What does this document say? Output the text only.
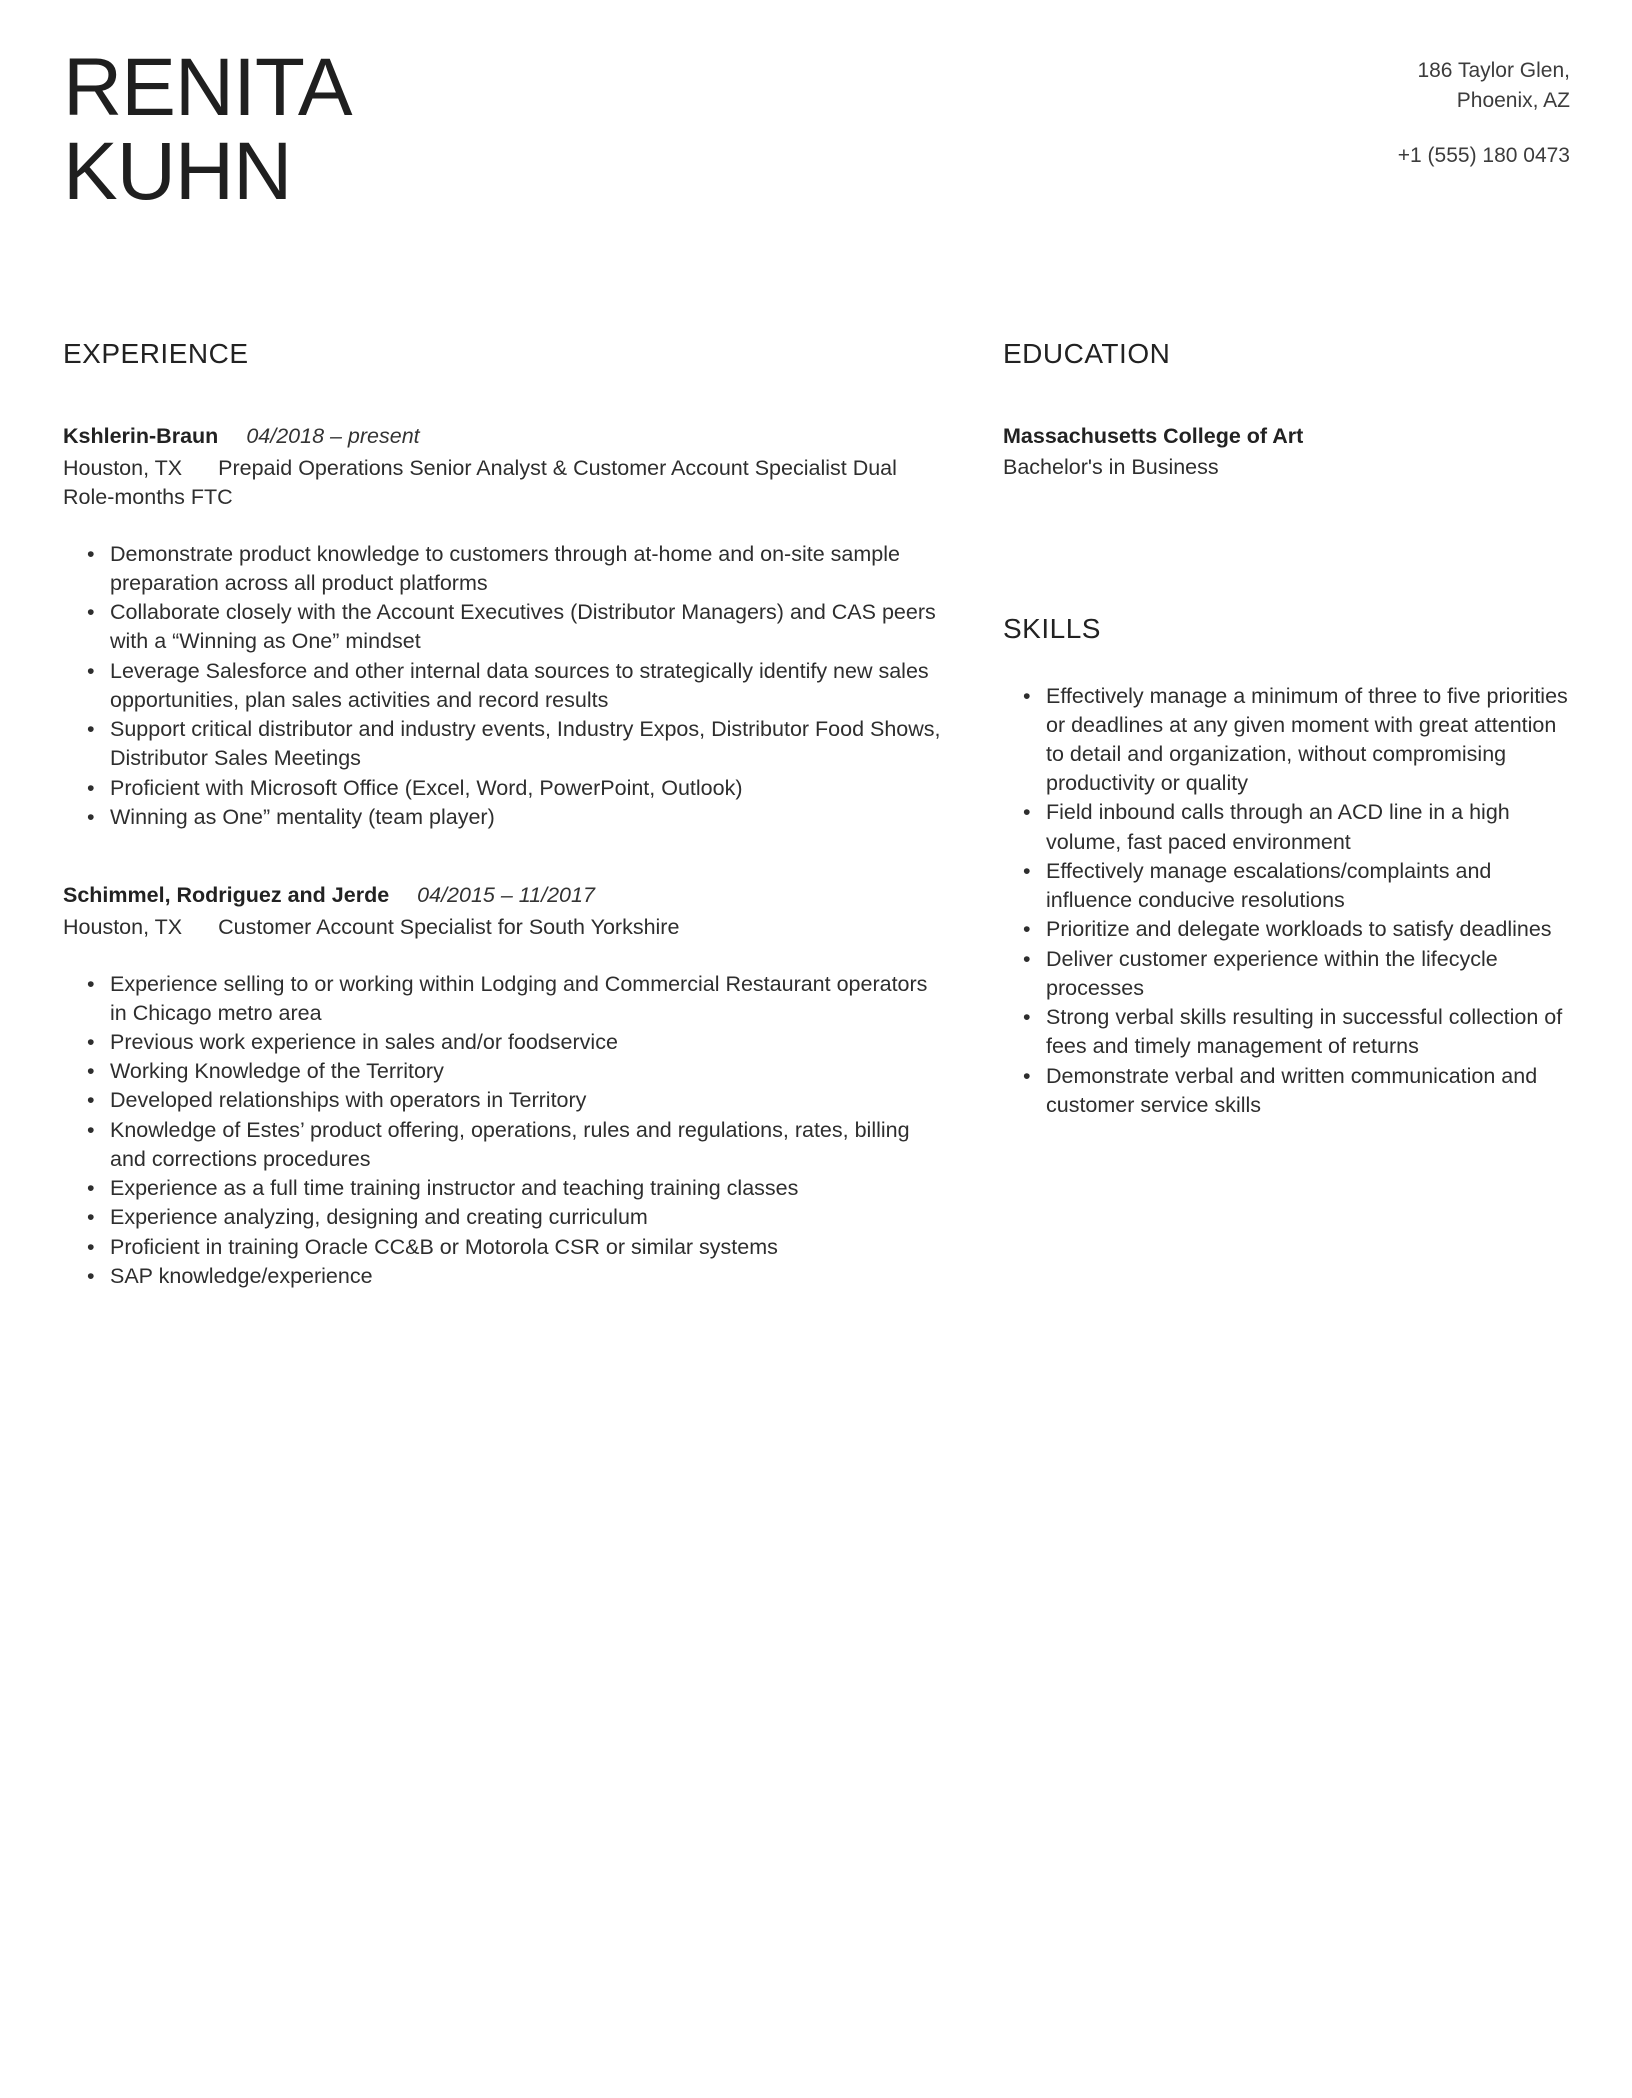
RENITA
KUHN
186 Taylor Glen,
Phoenix, AZ
+1 (555) 180 0473
EXPERIENCE
Kshlerin-Braun 04/2018 – present
Houston, TX Prepaid Operations Senior Analyst & Customer Account Specialist Dual Role-months FTC
• Demonstrate product knowledge to customers through at-home and on-site sample preparation across all product platforms
• Collaborate closely with the Account Executives (Distributor Managers) and CAS peers with a “Winning as One” mindset
• Leverage Salesforce and other internal data sources to strategically identify new sales opportunities, plan sales activities and record results
• Support critical distributor and industry events, Industry Expos, Distributor Food Shows, Distributor Sales Meetings
• Proficient with Microsoft Office (Excel, Word, PowerPoint, Outlook)
• Winning as One” mentality (team player)
Schimmel, Rodriguez and Jerde 04/2015 – 11/2017
Houston, TX Customer Account Specialist for South Yorkshire
• Experience selling to or working within Lodging and Commercial Restaurant operators in Chicago metro area
• Previous work experience in sales and/or foodservice
• Working Knowledge of the Territory
• Developed relationships with operators in Territory
• Knowledge of Estes’ product offering, operations, rules and regulations, rates, billing and corrections procedures
• Experience as a full time training instructor and teaching training classes
• Experience analyzing, designing and creating curriculum
• Proficient in training Oracle CC&B or Motorola CSR or similar systems
• SAP knowledge/experience
EDUCATION
Massachusetts College of Art
Bachelor's in Business
SKILLS
• Effectively manage a minimum of three to five priorities or deadlines at any given moment with great attention to detail and organization, without compromising productivity or quality
• Field inbound calls through an ACD line in a high volume, fast paced environment
• Effectively manage escalations/complaints and influence conducive resolutions
• Prioritize and delegate workloads to satisfy deadlines
• Deliver customer experience within the lifecycle processes
• Strong verbal skills resulting in successful collection of fees and timely management of returns
• Demonstrate verbal and written communication and customer service skills
